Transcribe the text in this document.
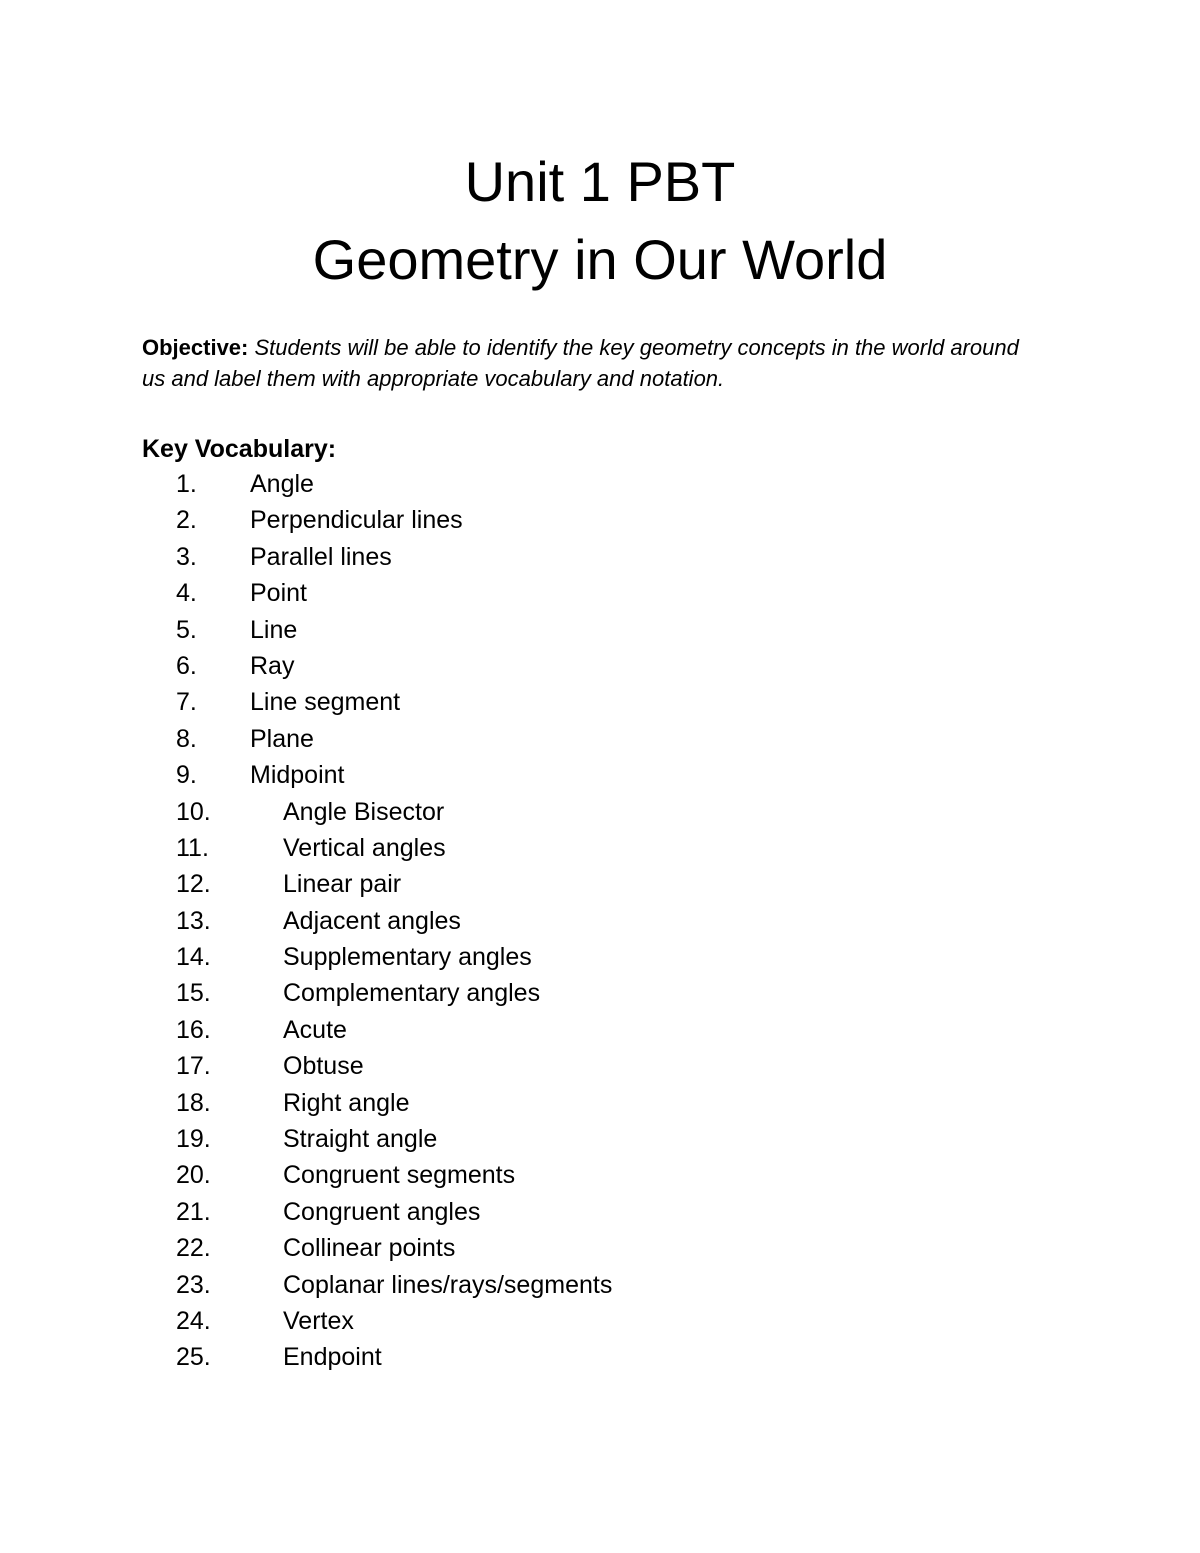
Unit 1 PBT
Geometry in Our World
Objective: Students will be able to identify the key geometry concepts in the world around us and label them with appropriate vocabulary and notation.
Key Vocabulary:
1. Angle
2. Perpendicular lines
3. Parallel lines
4. Point
5. Line
6. Ray
7. Line segment
8. Plane
9. Midpoint
10.	Angle Bisector
11.	Vertical angles
12.	Linear pair
13.	Adjacent angles
14.	Supplementary angles
15.	Complementary angles
16.	Acute
17.	Obtuse
18.	Right angle
19.	Straight angle
20.	Congruent segments
21.	Congruent angles
22.	Collinear points
23.	Coplanar lines/rays/segments
24.	Vertex
25.	Endpoint
